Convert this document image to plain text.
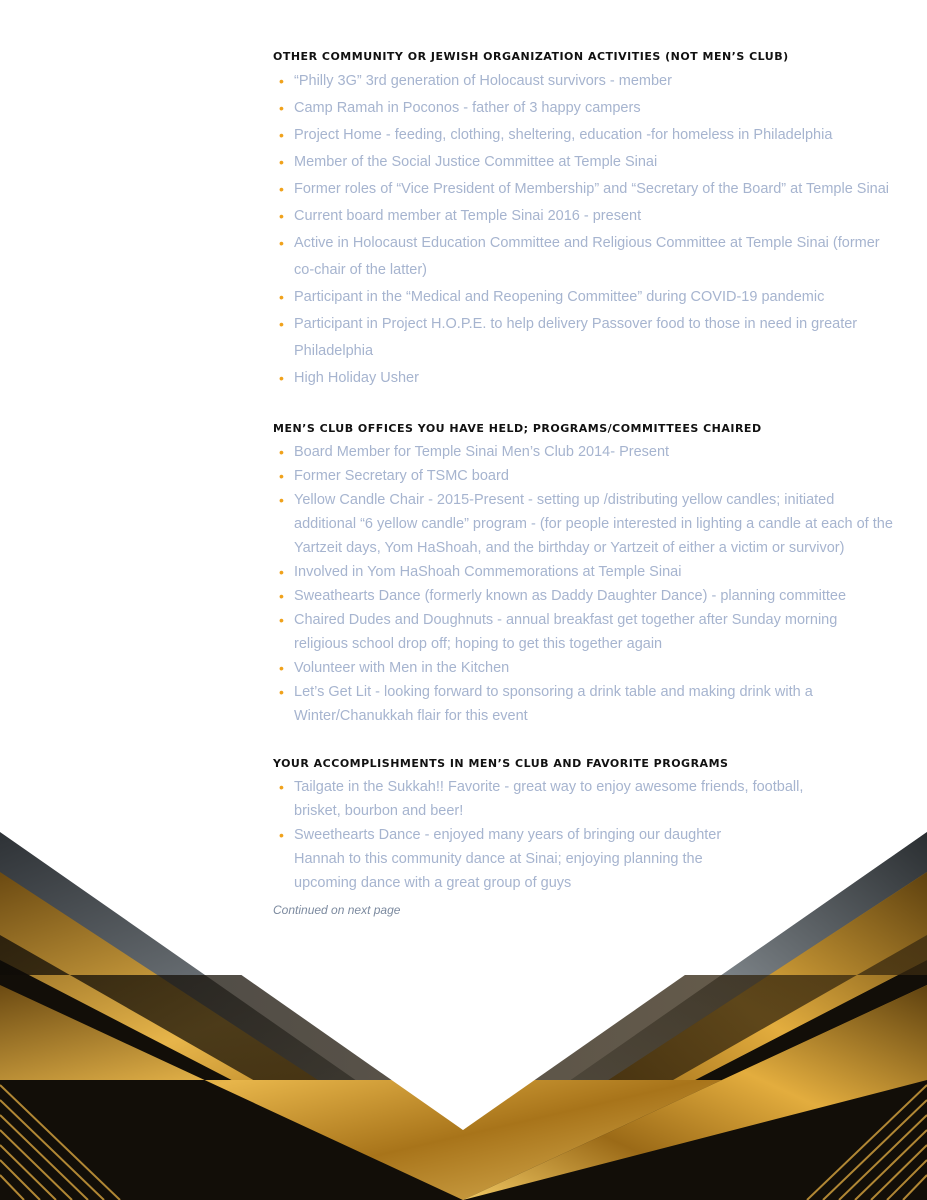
OTHER COMMUNITY OR JEWISH ORGANIZATION ACTIVITIES (NOT MEN’S CLUB)
• “Philly 3G” 3rd generation of Holocaust survivors - member
• Camp Ramah in Poconos - father of 3 happy campers
• Project Home - feeding, clothing, sheltering, education -for homeless in Philadelphia
• Member of the Social Justice Committee at Temple Sinai
• Former roles of “Vice President of Membership” and “Secretary of the Board” at Temple Sinai
• Current board member at Temple Sinai 2016 - present
• Active in Holocaust Education Committee and Religious Committee at Temple Sinai (former co-chair of the latter)
• Participant in the “Medical and Reopening Committee” during COVID-19 pandemic
• Participant in Project H.O.P.E. to help delivery Passover food to those in need in greater Philadelphia
• High Holiday Usher
MEN’S CLUB OFFICES YOU HAVE HELD; PROGRAMS/COMMITTEES CHAIRED
• Board Member for Temple Sinai Men’s Club 2014- Present
• Former Secretary of TSMC board
• Yellow Candle Chair - 2015-Present - setting up /distributing yellow candles; initiated additional “6 yellow candle” program - (for people interested in lighting a candle at each of the Yartzeit days, Yom HaShoah, and the birthday or Yartzeit of either a victim or survivor)
• Involved in Yom HaShoah Commemorations at Temple Sinai
• Sweathearts Dance (formerly known as Daddy Daughter Dance) - planning committee
• Chaired Dudes and Doughnuts - annual breakfast get together after Sunday morning religious school drop off; hoping to get this together again
• Volunteer with Men in the Kitchen
• Let’s Get Lit - looking forward to sponsoring a drink table and making drink with a Winter/Chanukkah flair for this event
YOUR ACCOMPLISHMENTS IN MEN’S CLUB AND FAVORITE PROGRAMS
• Tailgate in the Sukkah!! Favorite - great way to enjoy awesome friends, football, brisket, bourbon and beer!
• Sweethearts Dance - enjoyed many years of bringing our daughter Hannah to this community dance at Sinai; enjoying planning the upcoming dance with a great group of guys
Continued on next page
